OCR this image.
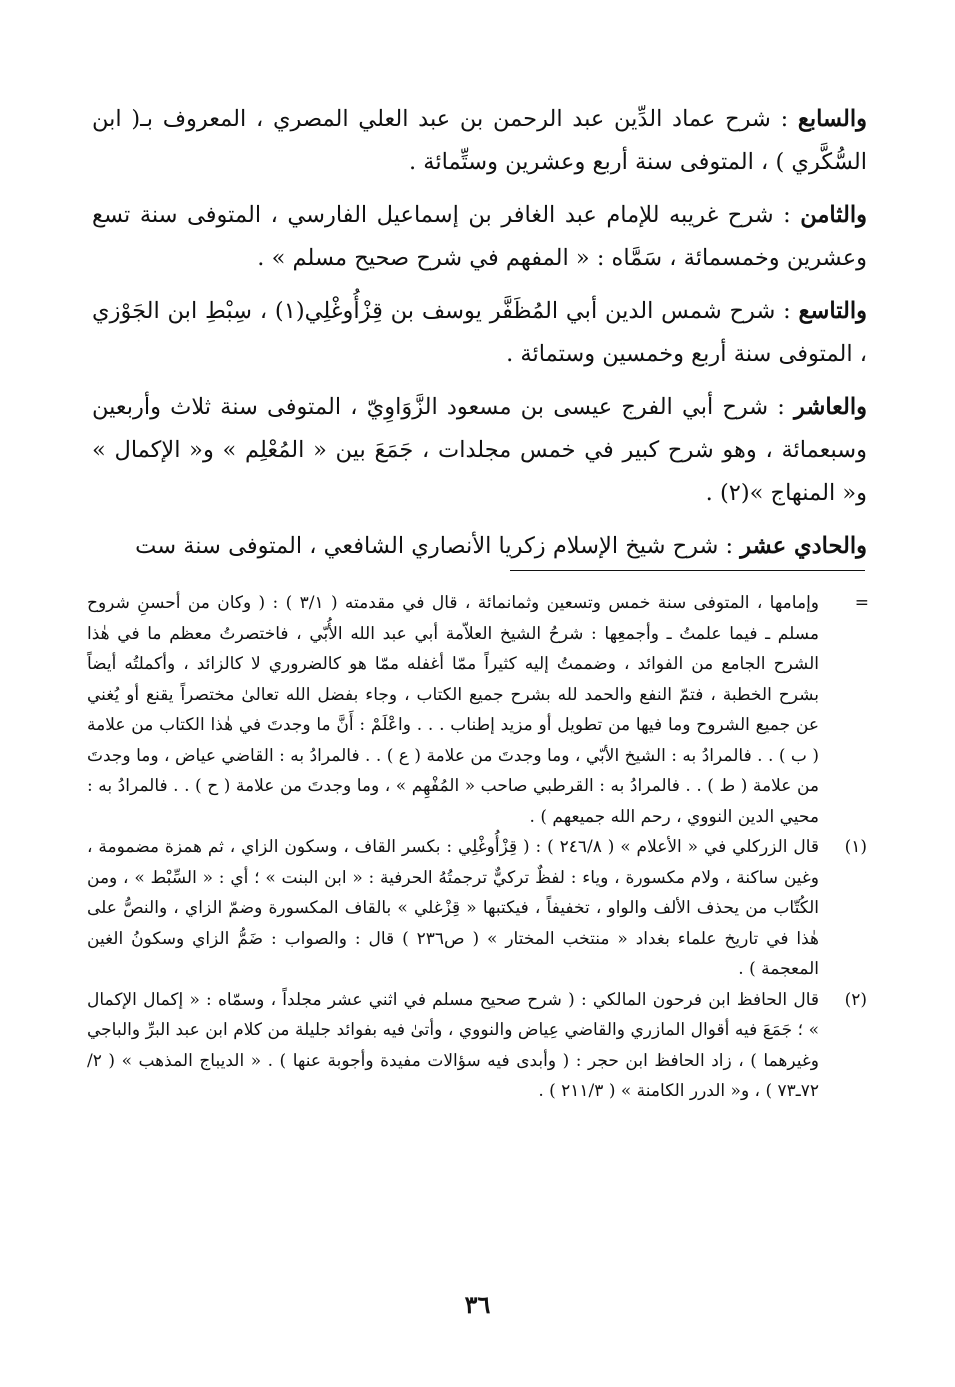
والسابع : شرح عماد الدِّين عبد الرحمن بن عبد العلي المصري ، المعروف بـ( ابن السُّكَّري ) ، المتوفى سنة أربع وعشرين وستِّمائة .

والثامن : شرح غريبه للإمام عبد الغافر بن إسماعيل الفارسي ، المتوفى سنة تسع وعشرين وخمسمائة ، سَمَّاه : « المفهم في شرح صحيح مسلم » .

والتاسع : شرح شمس الدين أبي المُظَفَّر يوسف بن قِزْأُوغْلِي(١) ، سِبْطِ ابن الجَوْزي ، المتوفى سنة أربع وخمسين وستمائة .

والعاشر : شرح أبي الفرج عيسى بن مسعود الزَّوَاوِيّ ، المتوفى سنة ثلاث وأربعين وسبعمائة ، وهو شرح كبير في خمس مجلدات ، جَمَعَ بين « المُعْلِم » و« الإكمال » و« المنهاج »(٢) .

والحادي عشر : شرح شيخ الإسلام زكريا الأنصاري الشافعي ، المتوفى سنة ست

=
وإمامها ، المتوفى سنة خمس وتسعين وثمانمائة ، قال في مقدمته ( ٣/١ ) : ( وكان من أحسنِ شروح مسلم ـ فيما علمتُ ـ وأجمعِها : شرحُ الشيخ العلاّمة أبي عبد الله الأُبّي ، فاختصرتُ معظم ما في هٰذا الشرح الجامع من الفوائد ، وضممتُ إليه كثيراً ممّا أغفله ممّا هو كالضروري لا كالزائد ، وأكملتُه أيضاً بشرح الخطبة ، فتمّ النفع والحمد لله بشرح جميع الكتاب ، وجاء بفضل الله تعالىٰ مختصراً يقنع أو يُغني عن جميع الشروح وما فيها من تطويل أو مزيد إطناب . . . واعْلَمْ : أَنَّ ما وجدتَ في هٰذا الكتاب من علامة ( ب ) . . فالمرادُ به : الشيخ الأبّي ، وما وجدتَ من علامة ( ع ) . . فالمرادُ به : القاضي عياض ، وما وجدتَ من علامة ( ط ) . . فالمرادُ به : القرطبي صاحب « المُفْهِم » ، وما وجدتَ من علامة ( ح ) . . فالمرادُ به : محيي الدين النووي ، رحم الله جميعهم ) .

(١)
قال الزركلي في « الأعلام » ( ٢٤٦/٨ ) : ( قِزْأُوغْلِي : بكسر القاف ، وسكون الزاي ، ثم همزة مضمومة ، وغين ساكنة ، ولام مكسورة ، وياء : لفظٌ تركيٌّ ترجمتُهُ الحرفية : « ابن البنت » ؛ أي : « السِّبْط » ، ومن الكُتّاب من يحذف الألف والواو ، تخفيفاً ، فيكتبها « قِزْغلي » بالقاف المكسورة وضمّ الزاي ، والنصُّ على هٰذا في تاريخ علماء بغداد « منتخب المختار » ( ص٢٣٦ ) قال : والصواب : ضَمُّ الزاي وسكونُ الغين المعجمة ) .

(٢)
قال الحافظ ابن فرحون المالكي : ( شرح صحيح مسلم في اثني عشر مجلداً ، وسمّاه : « إكمال الإكمال » ؛ جَمَعَ فيه أقوال المازري والقاضي عِياض والنووي ، وأتىٰ فيه بفوائد جليلة من كلام ابن عبد البرِّ والباجي وغيرهما ) ، زاد الحافظ ابن حجر : ( وأبدى فيه سؤالات مفيدة وأجوبة عنها ) . « الديباج المذهب » ( ٢/ ٧٢ـ٧٣ ) ، و« الدرر الكامنة » ( ٢١١/٣ ) .

٣٦
